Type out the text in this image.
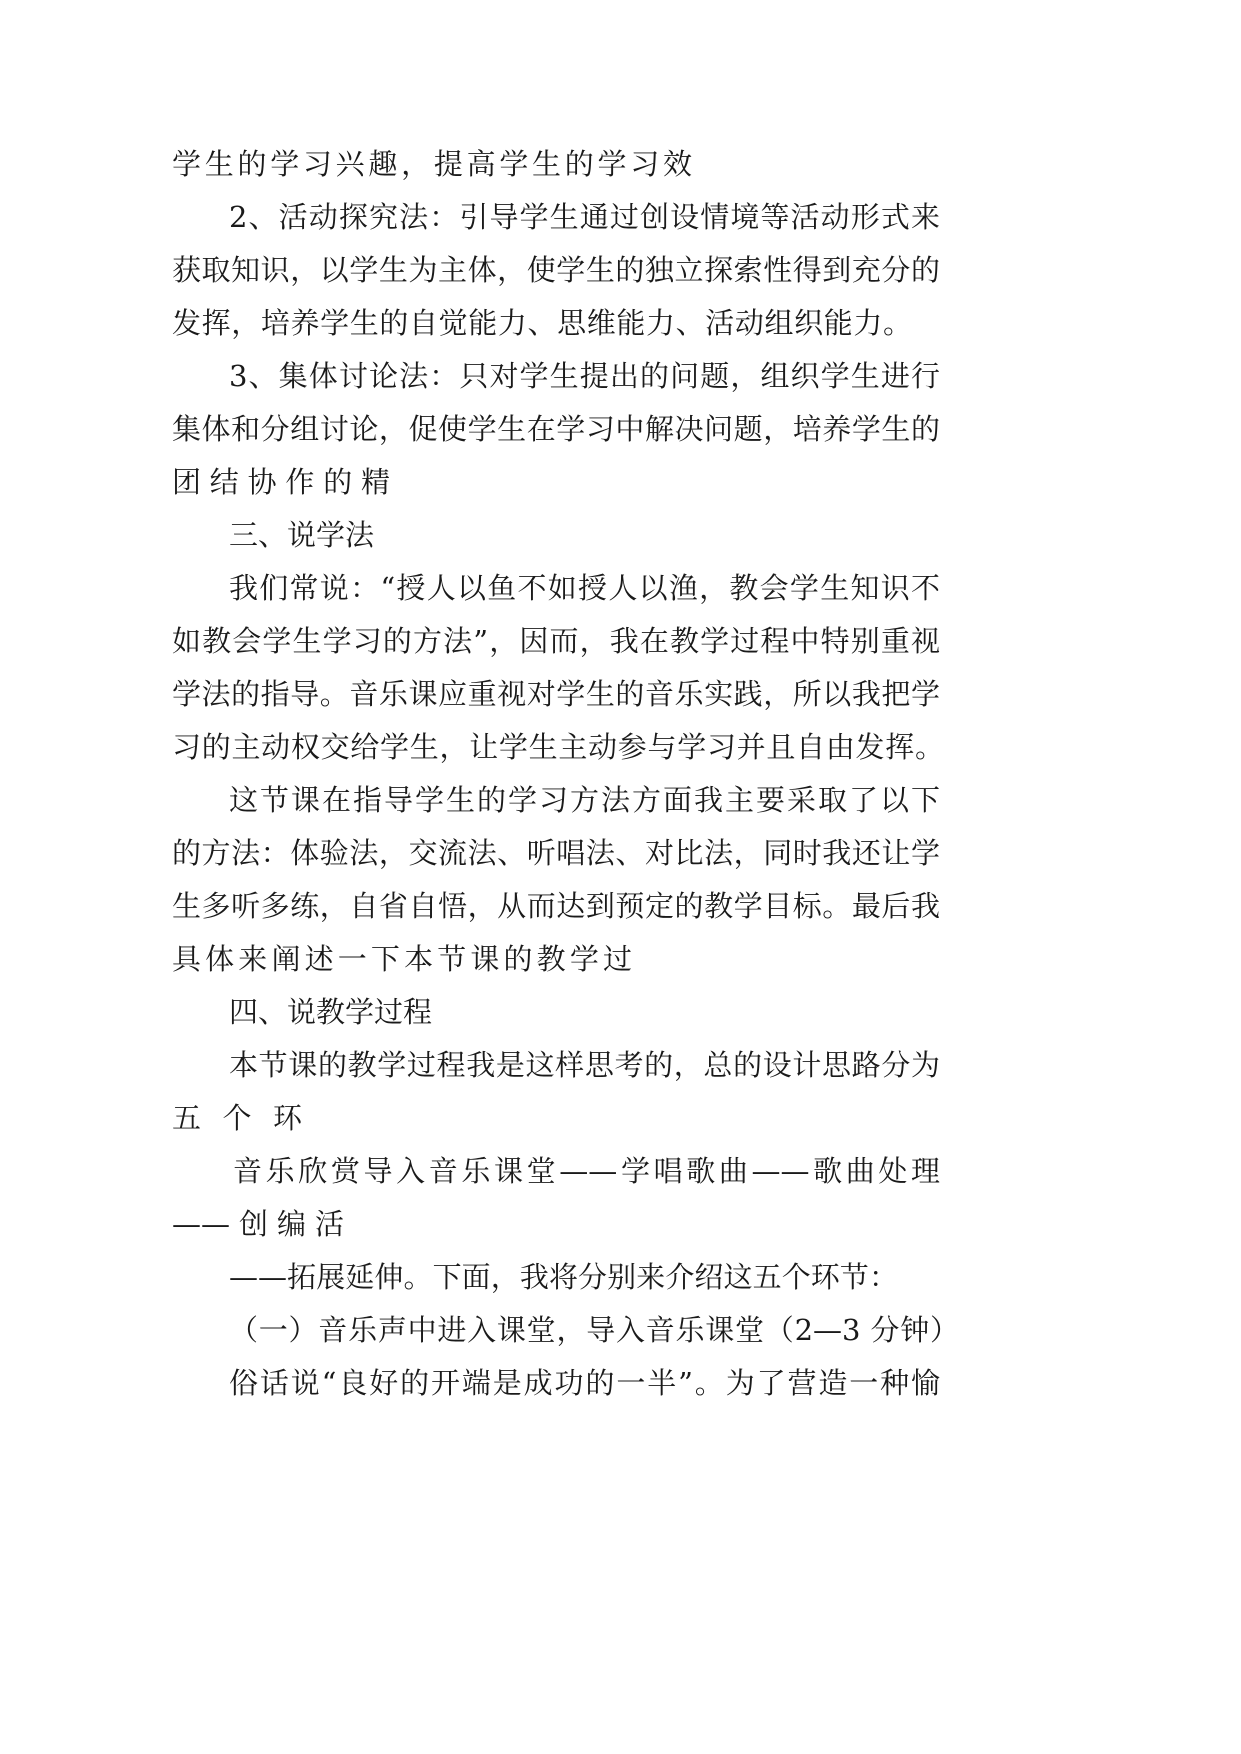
学生的学习兴趣，提高学生的学习效
2、活动探究法：引导学生通过创设情境等活动形式来
获取知识，以学生为主体，使学生的独立探索性得到充分的
发挥，培养学生的自觉能力、思维能力、活动组织能力。
3、集体讨论法：只对学生提出的问题，组织学生进行
集体和分组讨论，促使学生在学习中解决问题，培养学生的
团结协作的精
三、说学法
我们常说：“授人以鱼不如授人以渔，教会学生知识不
如教会学生学习的方法”，因而，我在教学过程中特别重视
学法的指导。音乐课应重视对学生的音乐实践，所以我把学
习的主动权交给学生，让学生主动参与学习并且自由发挥。
这节课在指导学生的学习方法方面我主要采取了以下
的方法：体验法，交流法、听唱法、对比法，同时我还让学
生多听多练，自省自悟，从而达到预定的教学目标。最后我
具体来阐述一下本节课的教学过
四、说教学过程
本节课的教学过程我是这样思考的，总的设计思路分为
五个环
音乐欣赏导入音乐课堂——学唱歌曲——歌曲处理
——创编活
——拓展延伸。下面，我将分别来介绍这五个环节：
（一）音乐声中进入课堂，导入音乐课堂（2—3 分钟）
俗话说“良好的开端是成功的一半”。为了营造一种愉
